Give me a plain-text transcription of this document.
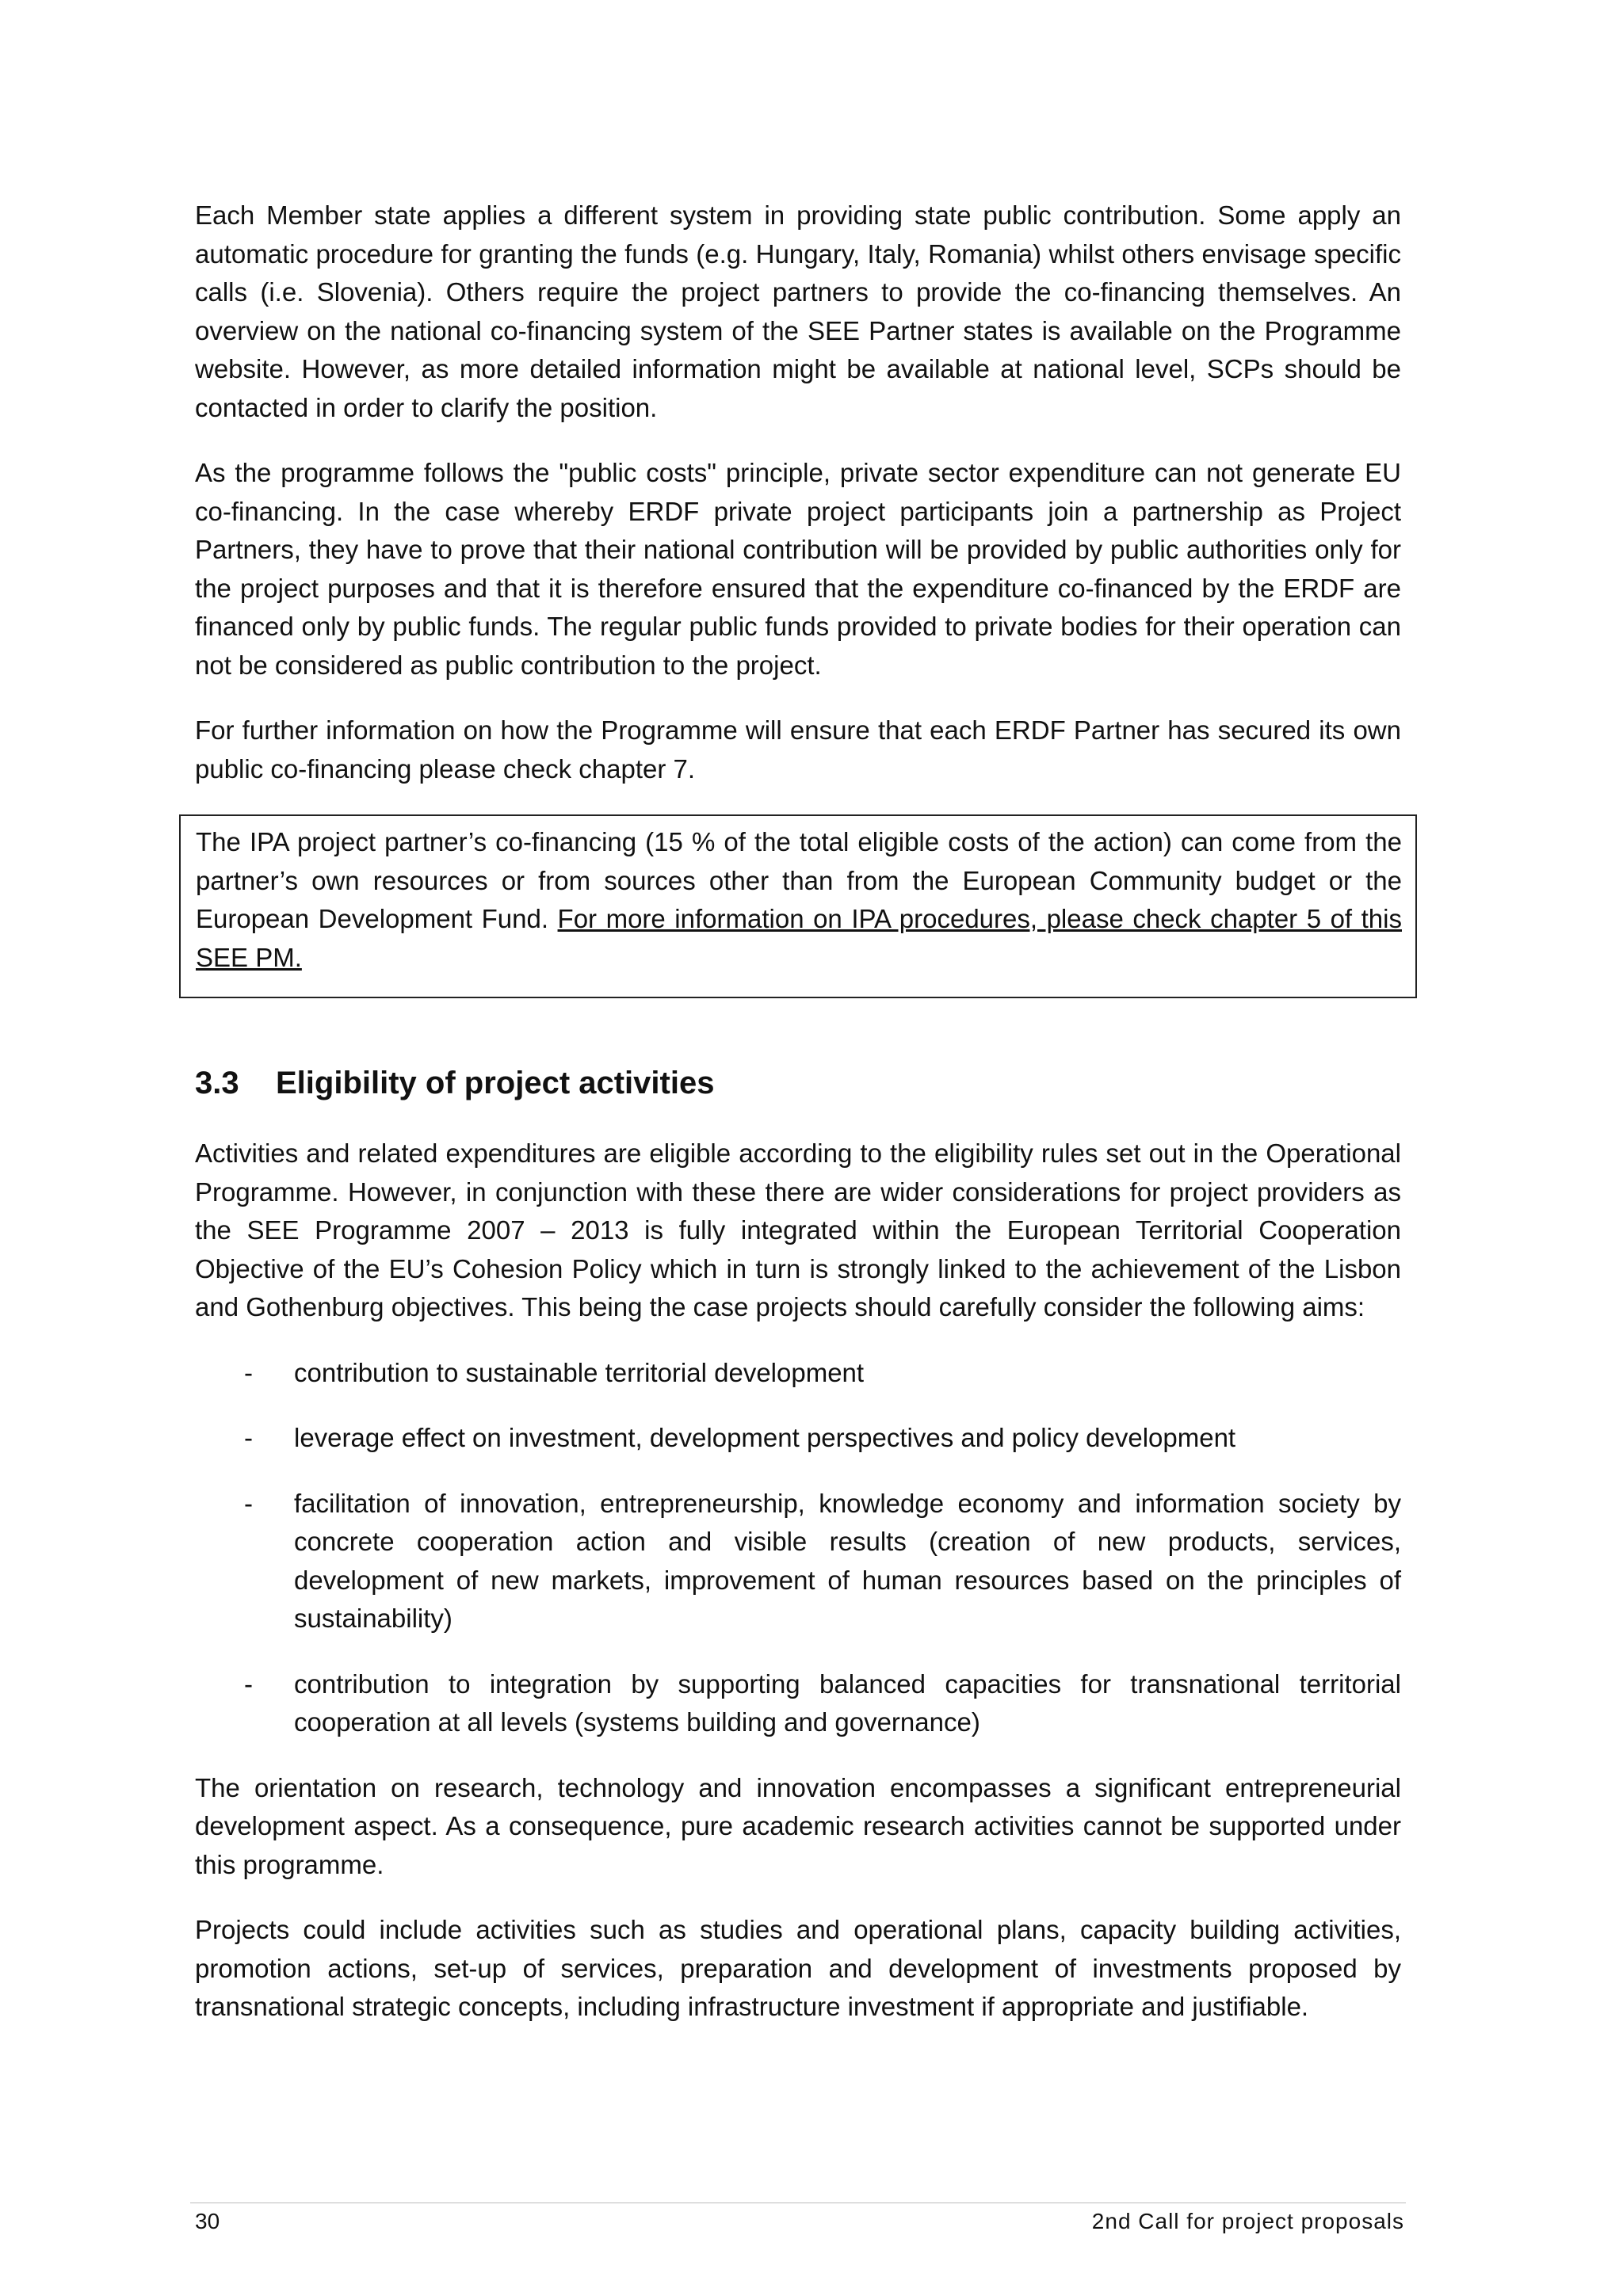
Each Member state applies a different system in providing state public contribution. Some apply an automatic procedure for granting the funds (e.g. Hungary, Italy, Romania) whilst others envisage specific calls (i.e. Slovenia). Others require the project partners to provide the co-financing themselves. An overview on the national co-financing system of the SEE Partner states is available on the Programme website. However, as more detailed information might be available at national level, SCPs should be contacted in order to clarify the position.

As the programme follows the "public costs" principle, private sector expenditure can not generate EU co-financing. In the case whereby ERDF private project participants join a partnership as Project Partners, they have to prove that their national contribution will be provided by public authorities only for the project purposes and that it is therefore ensured that the expenditure co-financed by the ERDF are financed only by public funds. The regular public funds provided to private bodies for their operation can not be considered as public contribution to the project.

For further information on how the Programme will ensure that each ERDF Partner has secured its own public co-financing please check chapter 7.

The IPA project partner’s co-financing (15 % of the total eligible costs of the action) can come from the partner’s own resources or from sources other than from the European Community budget or the European Development Fund. For more information on IPA procedures, please check chapter 5 of this SEE PM.

3.3 Eligibility of project activities

Activities and related expenditures are eligible according to the eligibility rules set out in the Operational Programme. However, in conjunction with these there are wider considerations for project providers as the SEE Programme 2007 – 2013 is fully integrated within the European Territorial Cooperation Objective of the EU’s Cohesion Policy which in turn is strongly linked to the achievement of the Lisbon and Gothenburg objectives. This being the case projects should carefully consider the following aims:

- contribution to sustainable territorial development
- leverage effect on investment, development perspectives and policy development
- facilitation of innovation, entrepreneurship, knowledge economy and information society by concrete cooperation action and visible results (creation of new products, services, development of new markets, improvement of human resources based on the principles of sustainability)
- contribution to integration by supporting balanced capacities for transnational territorial cooperation at all levels (systems building and governance)

The orientation on research, technology and innovation encompasses a significant entrepreneurial development aspect. As a consequence, pure academic research activities cannot be supported under this programme.

Projects could include activities such as studies and operational plans, capacity building activities, promotion actions, set-up of services, preparation and development of investments proposed by transnational strategic concepts, including infrastructure investment if appropriate and justifiable.

30	2nd Call for project proposals
